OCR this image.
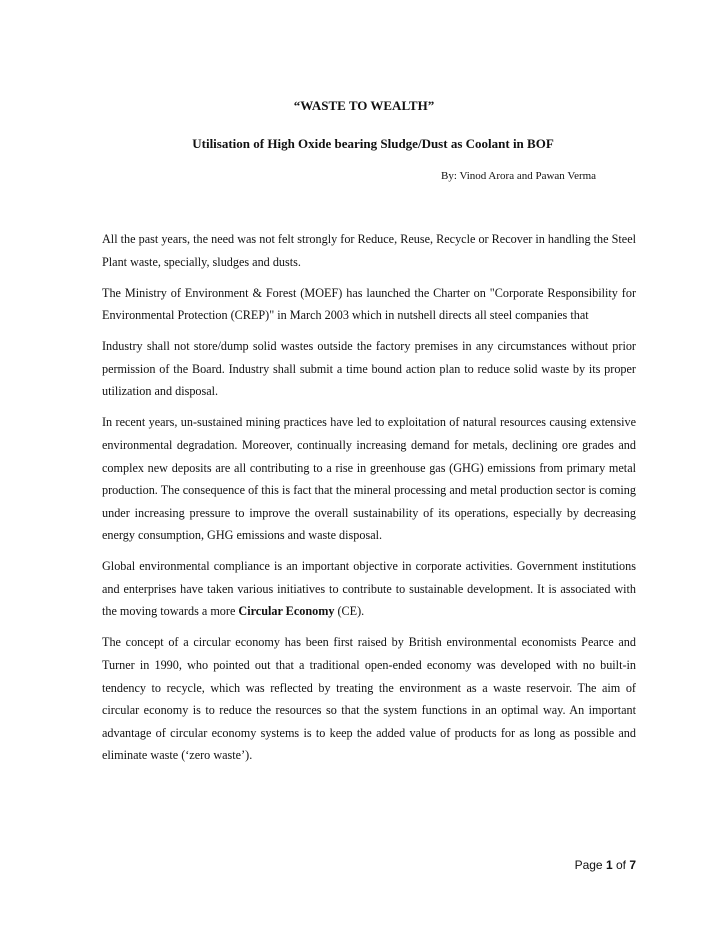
“WASTE TO WEALTH”
Utilisation of High Oxide bearing Sludge/Dust as Coolant in BOF
By: Vinod Arora and Pawan Verma

All the past years, the need was not felt strongly for Reduce, Reuse, Recycle or Recover in handling the Steel Plant waste, specially, sludges and dusts.

The Ministry of Environment & Forest (MOEF) has launched the Charter on "Corporate Responsibility for Environmental Protection (CREP)" in March 2003 which in nutshell directs all steel companies that

Industry shall not store/dump solid wastes outside the factory premises in any circumstances without prior permission of the Board. Industry shall submit a time bound action plan to reduce solid waste by its proper utilization and disposal.

In recent years, un-sustained mining practices have led to exploitation of natural resources causing extensive environmental degradation. Moreover, continually increasing demand for metals, declining ore grades and complex new deposits are all contributing to a rise in greenhouse gas (GHG) emissions from primary metal production. The consequence of this is fact that the mineral processing and metal production sector is coming under increasing pressure to improve the overall sustainability of its operations, especially by decreasing energy consumption, GHG emissions and waste disposal.

Global environmental compliance is an important objective in corporate activities. Government institutions and enterprises have taken various initiatives to contribute to sustainable development. It is associated with the moving towards a more Circular Economy (CE).

The concept of a circular economy has been first raised by British environmental economists Pearce and Turner in 1990, who pointed out that a traditional open-ended economy was developed with no built-in tendency to recycle, which was reflected by treating the environment as a waste reservoir. The aim of circular economy is to reduce the resources so that the system functions in an optimal way. An important advantage of circular economy systems is to keep the added value of products for as long as possible and eliminate waste (‘zero waste’).

Page 1 of 7
